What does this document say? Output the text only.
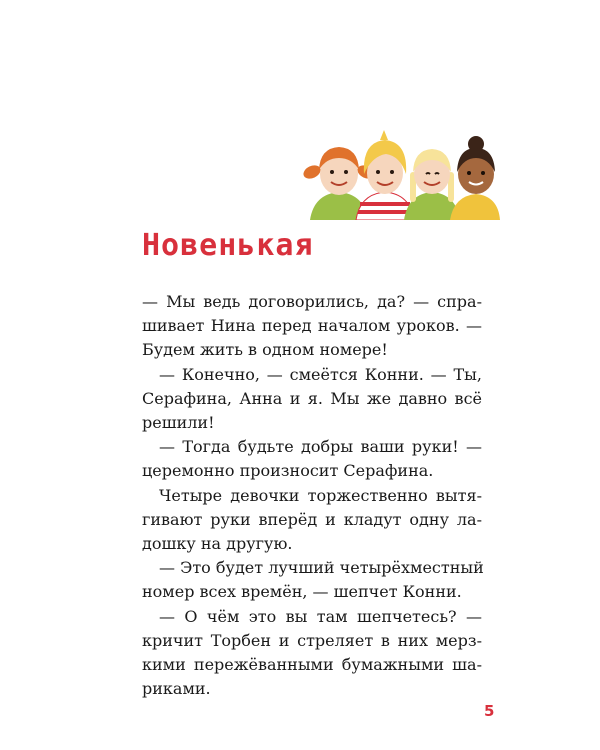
Новенькая
— Мы ведь договорились, да? — спра-
шивает Нина перед началом уроков. —
Будем жить в одном номере!
— Конечно, — смеётся Конни. — Ты,
Серафина, Анна и я. Мы же давно всё
решили!
— Тогда будьте добры ваши руки! —
церемонно произносит Серафина.
Четыре девочки торжественно вытя-
гивают руки вперёд и кладут одну ла-
дошку на другую.
— Это будет лучший четырёхместный
номер всех времён, — шепчет Конни.
— О чём это вы там шепчетесь? —
кричит Торбен и стреляет в них мерз-
кими пережёванными бумажными ша-
риками.
5
